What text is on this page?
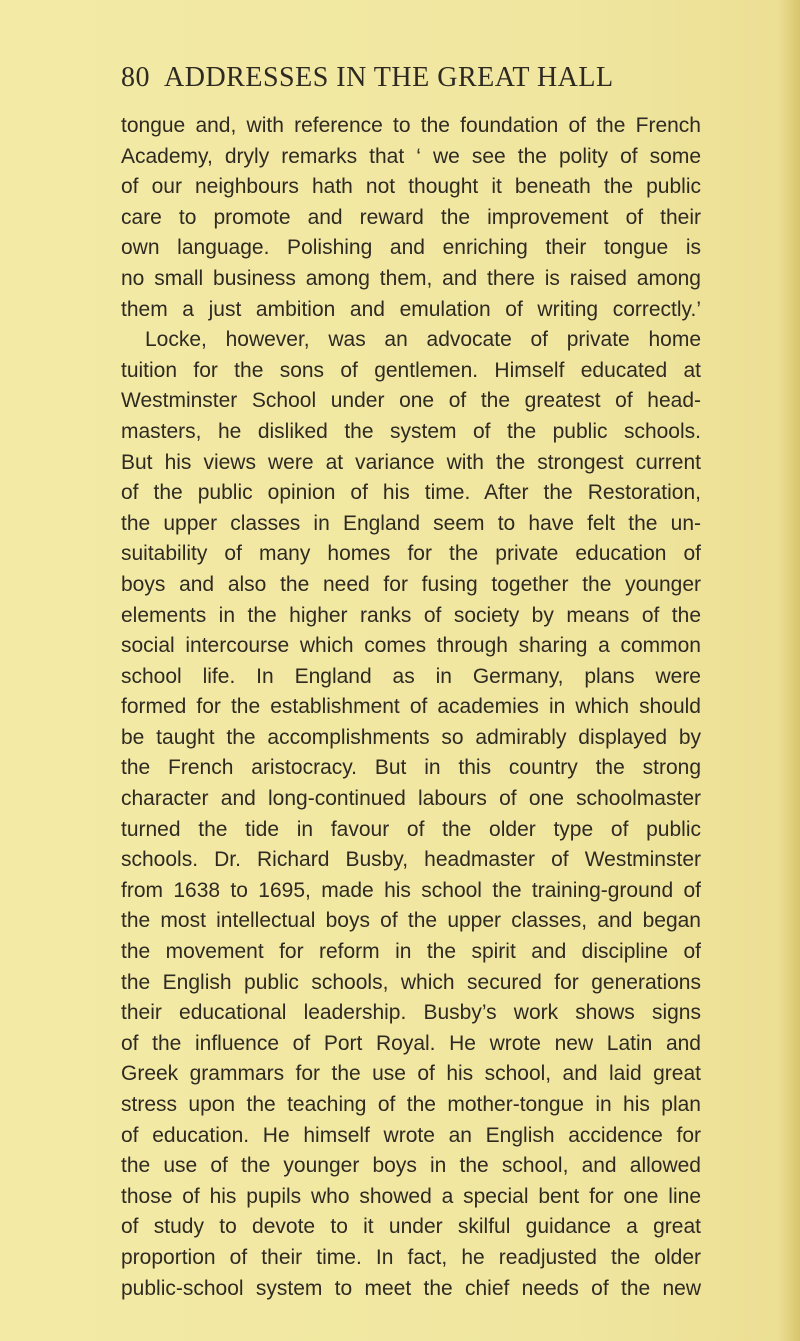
80 ADDRESSES IN THE GREAT HALL
tongue and, with reference to the foundation of the French
Academy, dryly remarks that ‘ we see the polity of some
of our neighbours hath not thought it beneath the public
care to promote and reward the improvement of their
own language. Polishing and enriching their tongue is
no small business among them, and there is raised among
them a just ambition and emulation of writing correctly.’
Locke, however, was an advocate of private home
tuition for the sons of gentlemen. Himself educated at
Westminster School under one of the greatest of head-
masters, he disliked the system of the public schools.
But his views were at variance with the strongest current
of the public opinion of his time. After the Restoration,
the upper classes in England seem to have felt the un-
suitability of many homes for the private education of
boys and also the need for fusing together the younger
elements in the higher ranks of society by means of the
social intercourse which comes through sharing a common
school life. In England as in Germany, plans were
formed for the establishment of academies in which should
be taught the accomplishments so admirably displayed by
the French aristocracy. But in this country the strong
character and long-continued labours of one schoolmaster
turned the tide in favour of the older type of public
schools. Dr. Richard Busby, headmaster of Westminster
from 1638 to 1695, made his school the training-ground of
the most intellectual boys of the upper classes, and began
the movement for reform in the spirit and discipline of
the English public schools, which secured for generations
their educational leadership. Busby’s work shows signs
of the influence of Port Royal. He wrote new Latin and
Greek grammars for the use of his school, and laid great
stress upon the teaching of the mother-tongue in his plan
of education. He himself wrote an English accidence for
the use of the younger boys in the school, and allowed
those of his pupils who showed a special bent for one line
of study to devote to it under skilful guidance a great
proportion of their time. In fact, he readjusted the older
public-school system to meet the chief needs of the new
